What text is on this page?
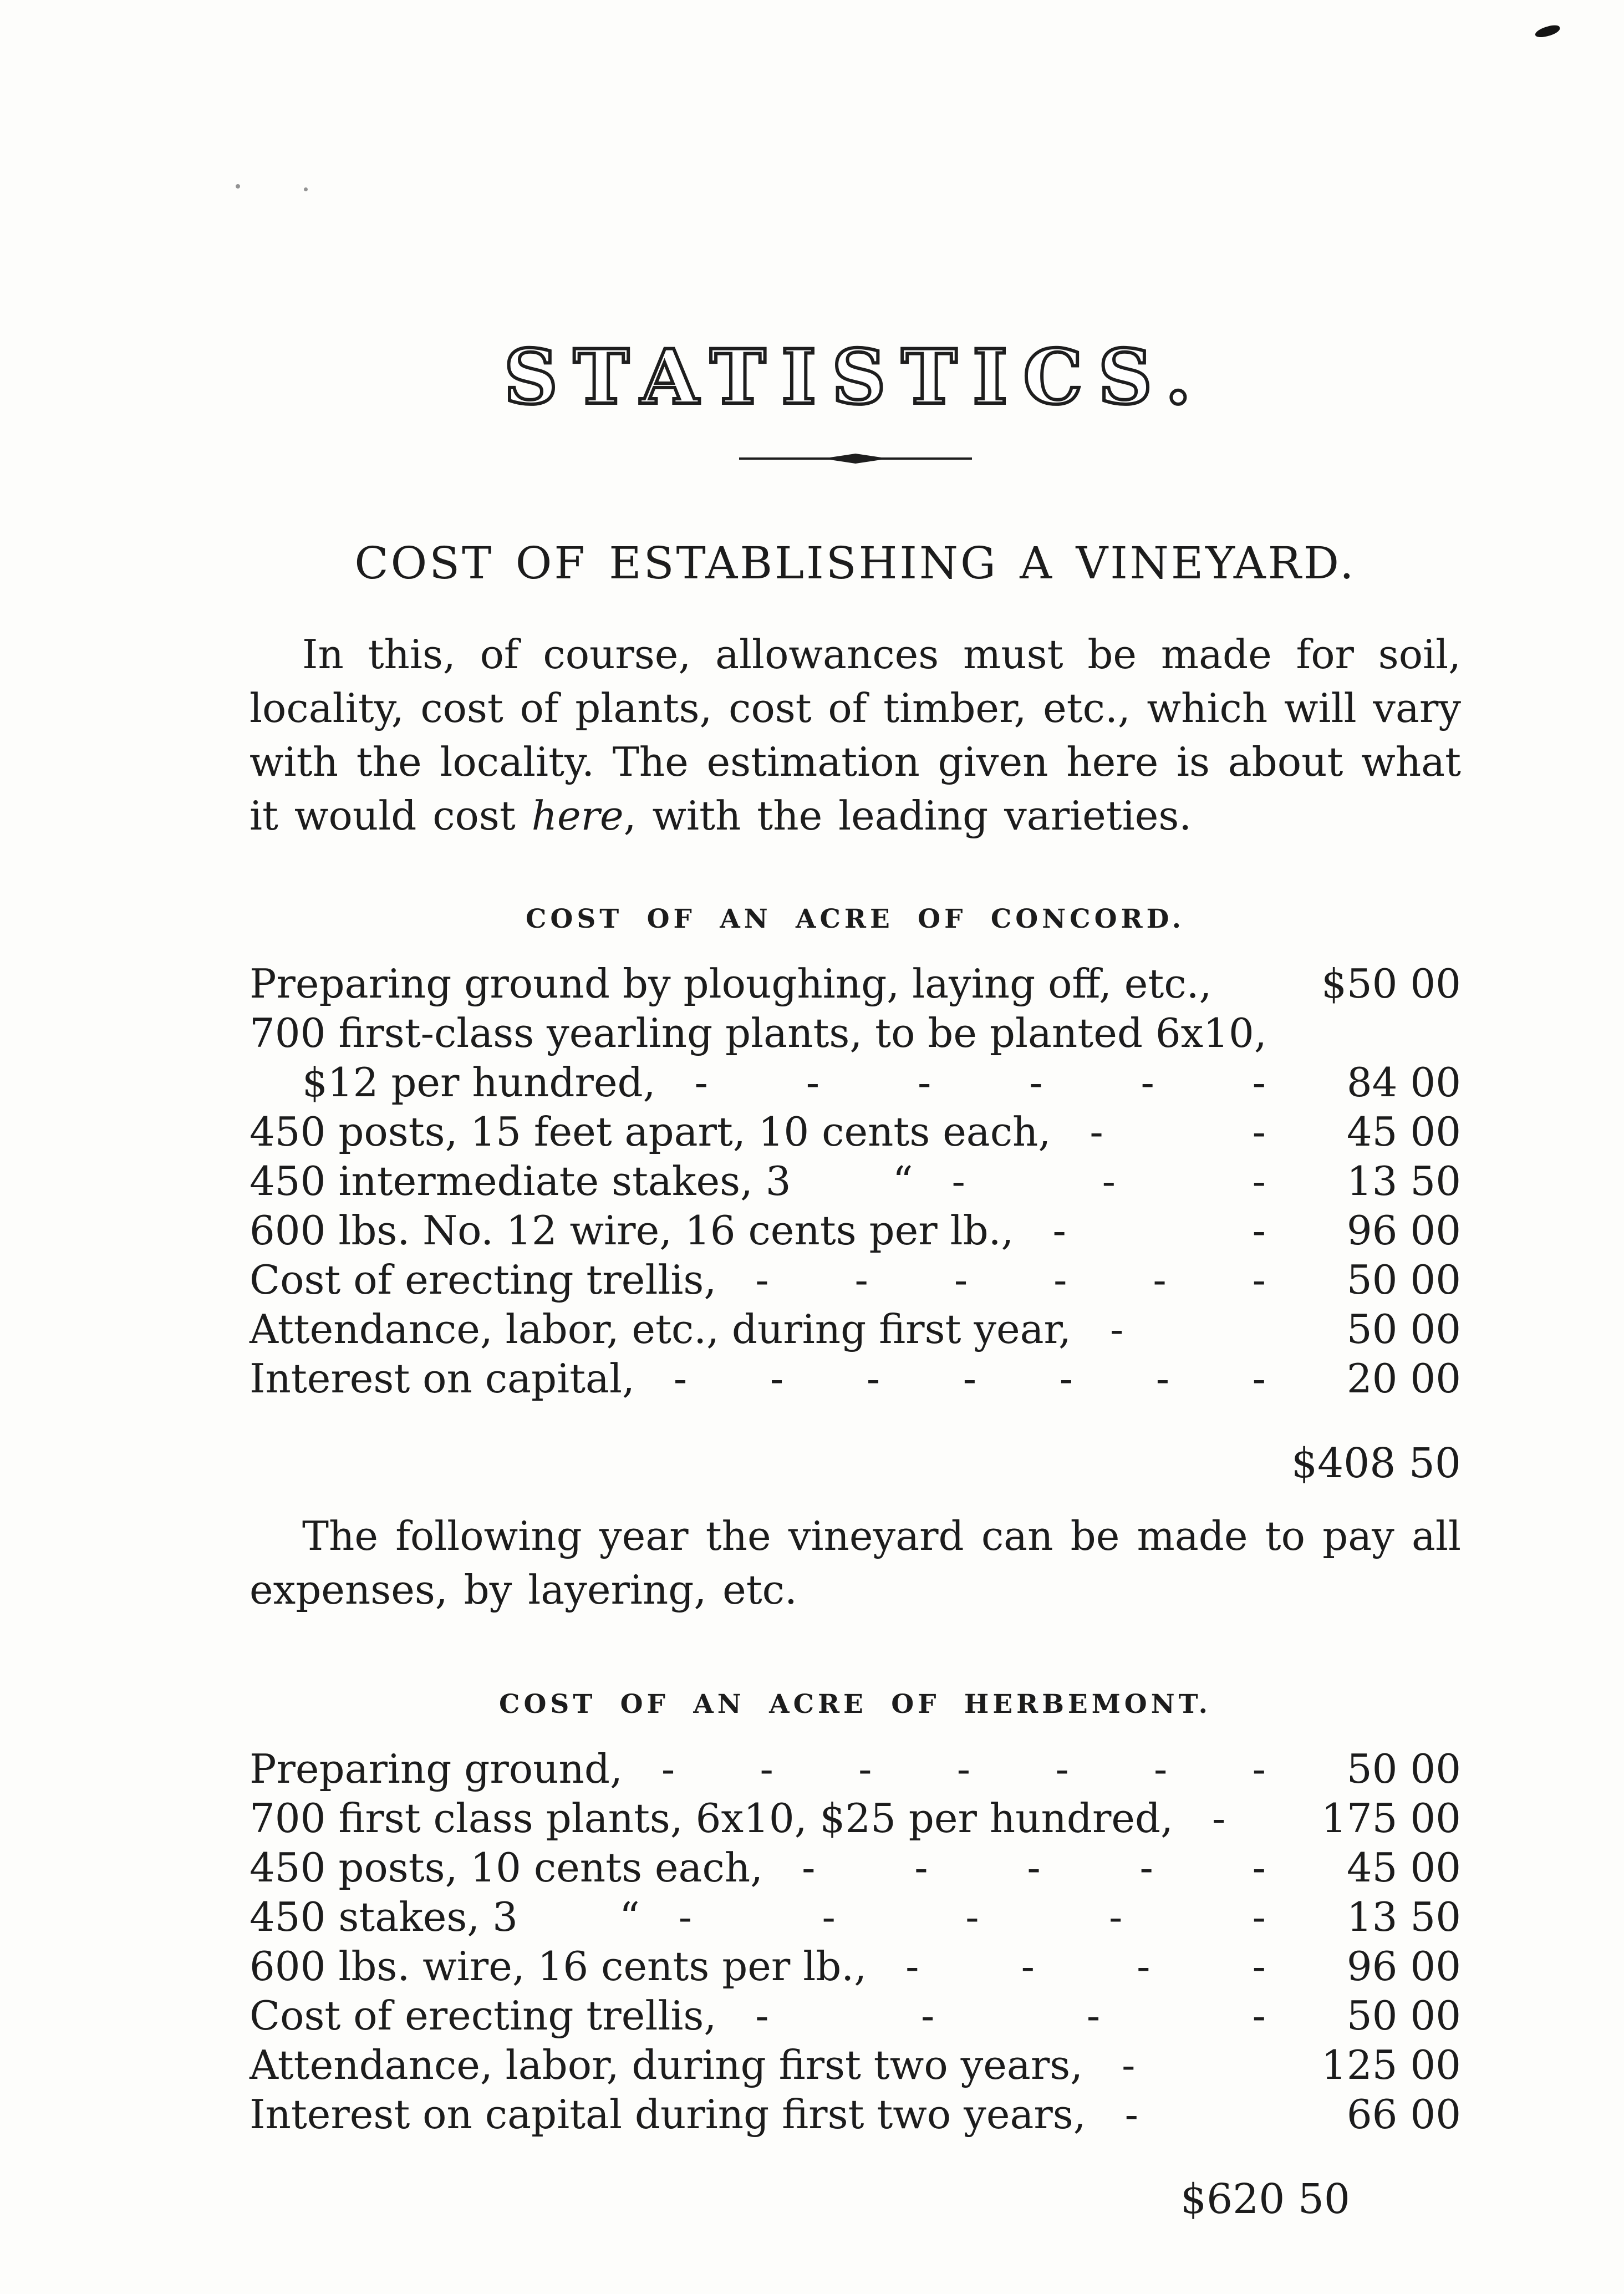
STATISTICS.
COST OF ESTABLISHING A VINEYARD.

In this, of course, allowances must be made for soil, locality, cost of plants, cost of timber, etc., which will vary with the locality. The estimation given here is about what it would cost here, with the leading varieties.

COST OF AN ACRE OF CONCORD.
Preparing ground by ploughing, laying off, etc.,	$50 00
700 first-class yearling plants, to be planted 6x10,
$12 per hundred, - - - - - -	84 00
450 posts, 15 feet apart, 10 cents each, - -	45 00
450 intermediate stakes, 3        “ - - -	13 50
600 lbs. No. 12 wire, 16 cents per lb., - -	96 00
Cost of erecting trellis, - - - - - -	50 00
Attendance, labor, etc., during first year, -	50 00
Interest on capital, - - - - - - -	20 00
$408 50

The following year the vineyard can be made to pay all expenses, by layering, etc.

COST OF AN ACRE OF HERBEMONT.
Preparing ground, - - - - - - -	50 00
700 first class plants, 6x10, $25 per hundred, -	175 00
450 posts, 10 cents each, - - - - -	45 00
450 stakes, 3        “ - - - - -	13 50
600 lbs. wire, 16 cents per lb., - - - -	96 00
Cost of erecting trellis, - - - -	50 00
Attendance, labor, during first two years, -	125 00
Interest on capital during first two years, -	66 00
$620 50
